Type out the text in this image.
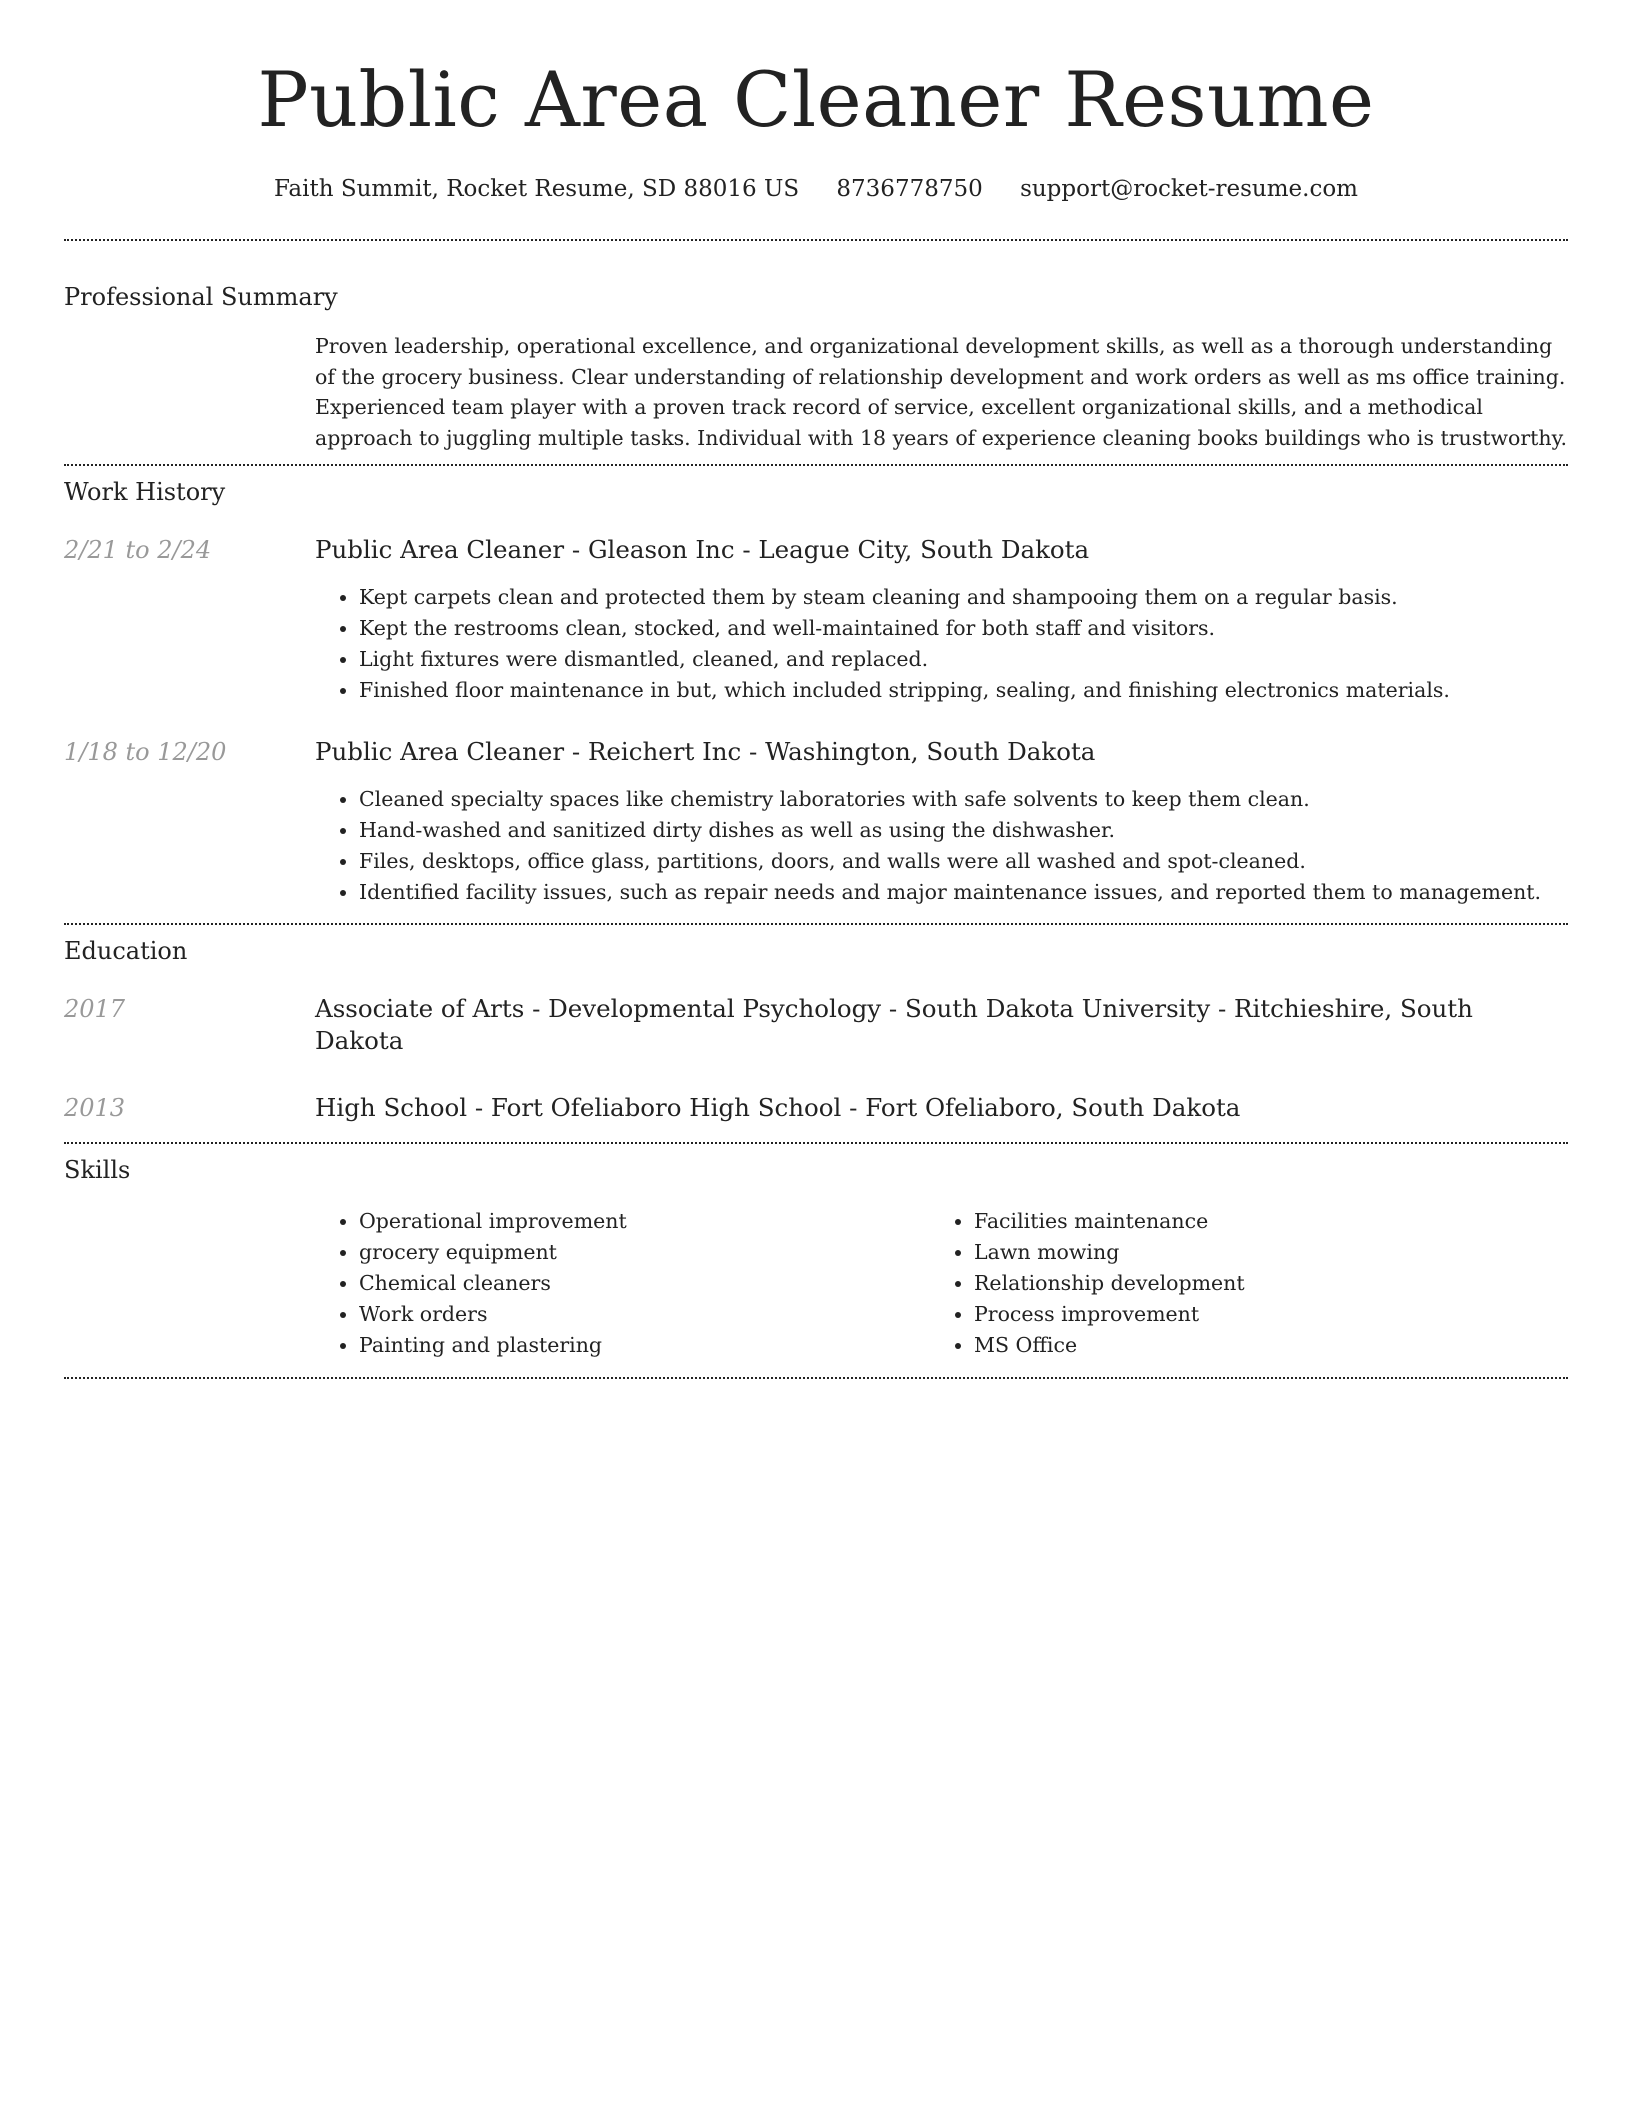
Public Area Cleaner Resume
Faith Summit, Rocket Resume, SD 88016 US 8736778750 support@rocket-resume.com
Professional Summary
Proven leadership, operational excellence, and organizational development skills, as well as a thorough understanding of the grocery business. Clear understanding of relationship development and work orders as well as ms office training. Experienced team player with a proven track record of service, excellent organizational skills, and a methodical approach to juggling multiple tasks. Individual with 18 years of experience cleaning books buildings who is trustworthy.
Work History
2/21 to 2/24	Public Area Cleaner - Gleason Inc - League City, South Dakota
• Kept carpets clean and protected them by steam cleaning and shampooing them on a regular basis.
• Kept the restrooms clean, stocked, and well-maintained for both staff and visitors.
• Light fixtures were dismantled, cleaned, and replaced.
• Finished floor maintenance in but, which included stripping, sealing, and finishing electronics materials.
1/18 to 12/20	Public Area Cleaner - Reichert Inc - Washington, South Dakota
• Cleaned specialty spaces like chemistry laboratories with safe solvents to keep them clean.
• Hand-washed and sanitized dirty dishes as well as using the dishwasher.
• Files, desktops, office glass, partitions, doors, and walls were all washed and spot-cleaned.
• Identified facility issues, such as repair needs and major maintenance issues, and reported them to management.
Education
2017	Associate of Arts - Developmental Psychology - South Dakota University - Ritchieshire, South Dakota
2013	High School - Fort Ofeliaboro High School - Fort Ofeliaboro, South Dakota
Skills
• Operational improvement
• grocery equipment
• Chemical cleaners
• Work orders
• Painting and plastering
• Facilities maintenance
• Lawn mowing
• Relationship development
• Process improvement
• MS Office
